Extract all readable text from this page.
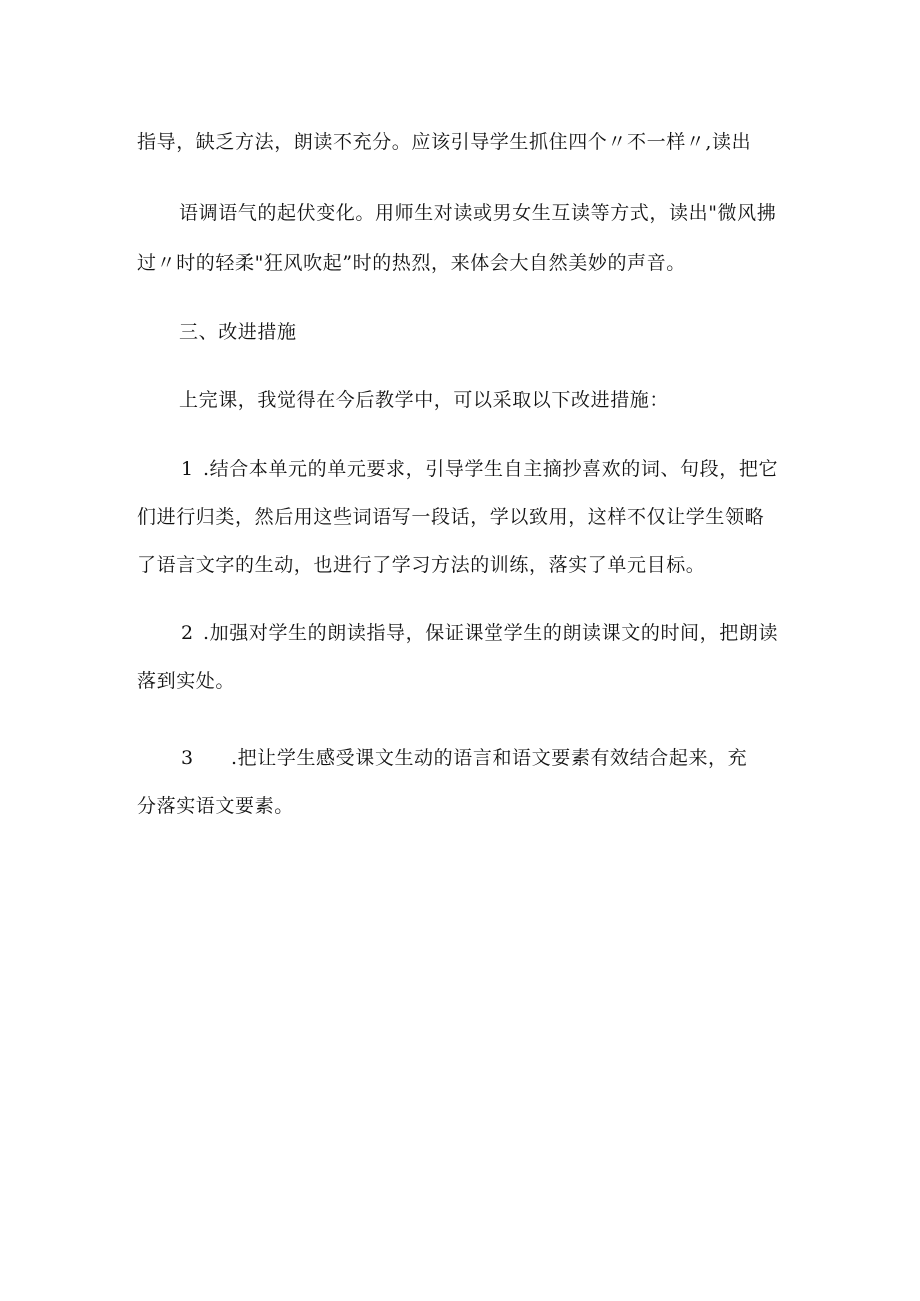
指导，缺乏方法，朗读不充分。应该引导学生抓住四个〃不一样〃,读出
语调语气的起伏变化。用师生对读或男女生互读等方式，读出"微风拂
过〃时的轻柔"狂风吹起”时的热烈，来体会大自然美妙的声音。
三、改进措施
上完课，我觉得在今后教学中，可以采取以下改进措施：
1 .结合本单元的单元要求，引导学生自主摘抄喜欢的词、句段，把它
们进行归类，然后用这些词语写一段话，学以致用，这样不仅让学生领略
了语言文字的生动，也进行了学习方法的训练，落实了单元目标。
2 .加强对学生的朗读指导，保证课堂学生的朗读课文的时间，把朗读
落到实处。
3 .把让学生感受课文生动的语言和语文要素有效结合起来，充
分落实语文要素。
